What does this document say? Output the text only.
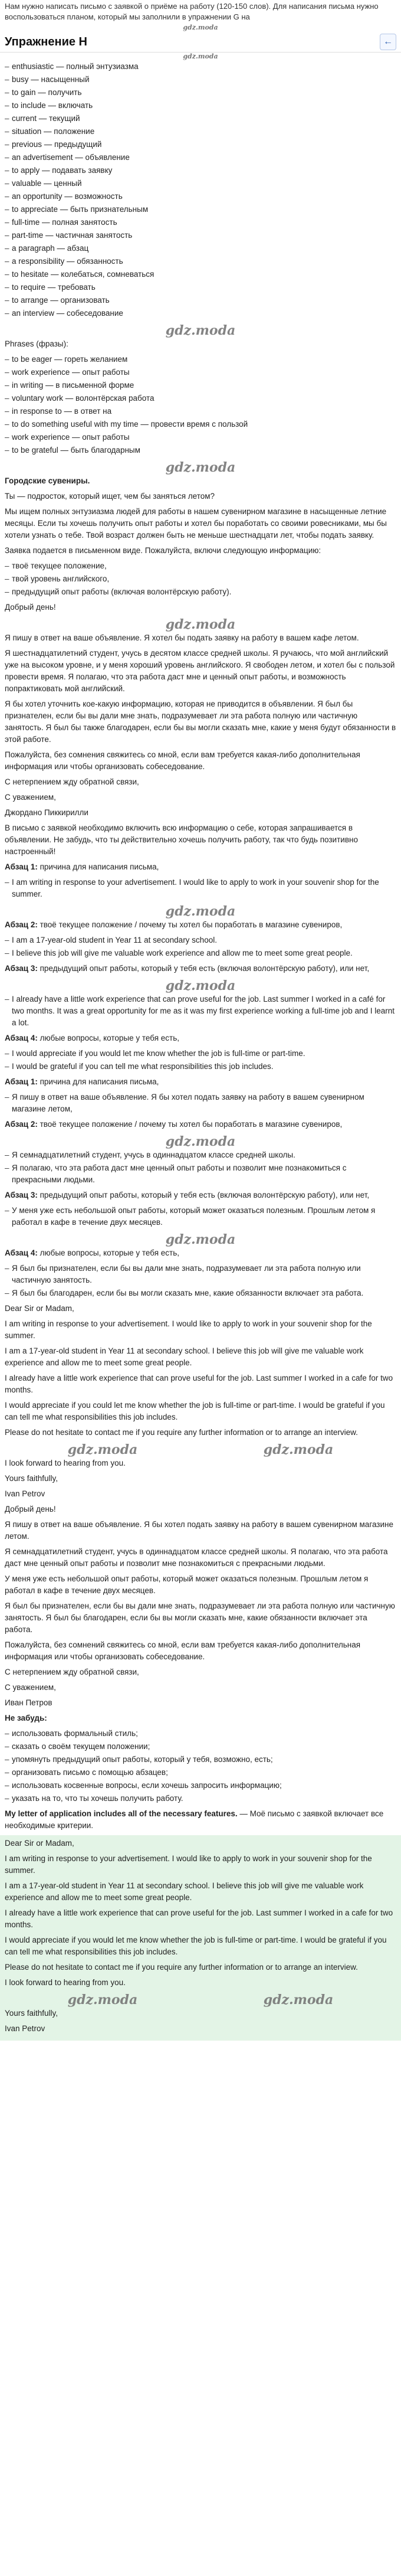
Нам нужно написать письмо с заявкой о приёме на работу (120-150 слов). Для написания письма нужно воспользоваться планом, который мы заполнили в упражнении G на
gdz.moda
Упражнение H	←
gdz.moda
– enthusiastic — полный энтузиазма
– busy — насыщенный
– to gain — получить
– to include — включать
– current — текущий
– situation — положение
– previous — предыдущий
– an advertisement — объявление
– to apply — подавать заявку
– valuable — ценный
– an opportunity — возможность
– to appreciate — быть признательным
– full-time — полная занятость
– part-time — частичная занятость
– a paragraph — абзац
– a responsibility — обязанность
– to hesitate — колебаться, сомневаться
– to require — требовать
– to arrange — организовать
– an interview — собеседование
gdz.moda

Phrases (фразы):

– to be eager — гореть желанием
– work experience — опыт работы
– in writing — в письменной форме
– voluntary work — волонтёрская работа
– in response to — в ответ на
– to do something useful with my time — провести время с пользой
– work experience — опыт работы
– to be grateful — быть благодарным
gdz.moda

Городские сувениры.

Ты — подросток, который ищет, чем бы заняться летом?

Мы ищем полных энтузиазма людей для работы в нашем сувенирном магазине в насыщенные летние месяцы. Если ты хочешь получить опыт работы и хотел бы поработать со своими ровесниками, мы бы хотели узнать о тебе. Твой возраст должен быть не меньше шестнадцати лет, чтобы подать заявку.

Заявка подается в письменном виде. Пожалуйста, включи следующую информацию:

– твоё текущее положение,
– твой уровень английского,
– предыдущий опыт работы (включая волонтёрскую работу).

Добрый день!

gdz.moda

Я пишу в ответ на ваше объявление. Я хотел бы подать заявку на работу в вашем кафе летом.

Я шестнадцатилетний студент, учусь в десятом классе средней школы. Я ручаюсь, что мой английский уже на высоком уровне, и у меня хороший уровень английского. Я свободен летом, и хотел бы с пользой провести время. Я полагаю, что эта работа даст мне и ценный опыт работы, и возможность попрактиковать мой английский.

Я бы хотел уточнить кое-какую информацию, которая не приводится в объявлении. Я был бы признателен, если бы вы дали мне знать, подразумевает ли эта работа полную или частичную занятость. Я был бы также благодарен, если бы вы могли сказать мне, какие у меня будут обязанности в этой работе.

Пожалуйста, без сомнения свяжитесь со мной, если вам требуется какая-либо дополнительная информация или чтобы организовать собеседование.

С нетерпением жду обратной связи,

С уважением,

Джордано Пиккирилли

В письмо с заявкой необходимо включить всю информацию о себе, которая запрашивается в объявлении. Не забудь, что ты действительно хочешь получить работу, так что будь позитивно настроенный!

Абзац 1: причина для написания письма,

– I am writing in response to your advertisement. I would like to apply to work in your souvenir shop for the summer.
gdz.moda

Абзац 2: твоё текущее положение / почему ты хотел бы поработать в магазине сувениров,

– I am a 17-year-old student in Year 11 at secondary school.
– I believe this job will give me valuable work experience and allow me to meet some great people.

Абзац 3: предыдущий опыт работы, который у тебя есть (включая волонтёрскую работу), или нет,

gdz.moda
– I already have a little work experience that can prove useful for the job. Last summer I worked in a café for two months. It was a great opportunity for me as it was my first experience working a full-time job and I learnt a lot.

Абзац 4: любые вопросы, которые у тебя есть,

– I would appreciate if you would let me know whether the job is full-time or part-time.
– I would be grateful if you can tell me what responsibilities this job includes.

Абзац 1: причина для написания письма,

– Я пишу в ответ на ваше объявление. Я бы хотел подать заявку на работу в вашем сувенирном магазине летом,

Абзац 2: твоё текущее положение / почему ты хотел бы поработать в магазине сувениров,

gdz.moda
– Я семнадцатилетний студент, учусь в одиннадцатом классе средней школы.
– Я полагаю, что эта работа даст мне ценный опыт работы и позволит мне познакомиться с прекрасными людьми.

Абзац 3: предыдущий опыт работы, который у тебя есть (включая волонтёрскую работу), или нет,

– У меня уже есть небольшой опыт работы, который может оказаться полезным. Прошлым летом я работал в кафе в течение двух месяцев.
gdz.moda

Абзац 4: любые вопросы, которые у тебя есть,

– Я был бы признателен, если бы вы дали мне знать, подразумевает ли эта работа полную или частичную занятость.
– Я был бы благодарен, если бы вы могли сказать мне, какие обязанности включает эта работа.

Dear Sir or Madam,

I am writing in response to your advertisement. I would like to apply to work in your souvenir shop for the summer.

I am a 17-year-old student in Year 11 at secondary school. I believe this job will give me valuable work experience and allow me to meet some great people.

I already have a little work experience that can prove useful for the job. Last summer I worked in a cafe for two months.

I would appreciate if you could let me know whether the job is full-time or part-time. I would be grateful if you can tell me what responsibilities this job includes.

Please do not hesitate to contact me if you require any further information or to arrange an interview.

gdz.moda	gdz.moda

I look forward to hearing from you.

Yours faithfully,

Ivan Petrov

Добрый день!

Я пишу в ответ на ваше объявление. Я бы хотел подать заявку на работу в вашем сувенирном магазине летом.

Я семнадцатилетний студент, учусь в одиннадцатом классе средней школы. Я полагаю, что эта работа даст мне ценный опыт работы и позволит мне познакомиться с прекрасными людьми.

У меня уже есть небольшой опыт работы, который может оказаться полезным. Прошлым летом я работал в кафе в течение двух месяцев.

Я был бы признателен, если бы вы дали мне знать, подразумевает ли эта работа полную или частичную занятость. Я был бы благодарен, если бы вы могли сказать мне, какие обязанности включает эта работа.

Пожалуйста, без сомнений свяжитесь со мной, если вам требуется какая-либо дополнительная информация или чтобы организовать собеседование.

С нетерпением жду обратной связи,

С уважением,

Иван Петров

Не забудь:

– использовать формальный стиль;
– сказать о своём текущем положении;
– упомянуть предыдущий опыт работы, который у тебя, возможно, есть;
– организовать письмо с помощью абзацев;
– использовать косвенные вопросы, если хочешь запросить информацию;
– указать на то, что ты хочешь получить работу.

My letter of application includes all of the necessary features. — Моё письмо с заявкой включает все необходимые критерии.

Dear Sir or Madam,

I am writing in response to your advertisement. I would like to apply to work in your souvenir shop for the summer.

I am a 17-year-old student in Year 11 at secondary school. I believe this job will give me valuable work experience and allow me to meet some great people.

I already have a little work experience that can prove useful for the job. Last summer I worked in a cafe for two months.

I would appreciate if you would let me know whether the job is full-time or part-time. I would be grateful if you can tell me what responsibilities this job includes.

Please do not hesitate to contact me if you require any further information or to arrange an interview.

I look forward to hearing from you.

gdz.moda	gdz.moda

Yours faithfully,

Ivan Petrov
